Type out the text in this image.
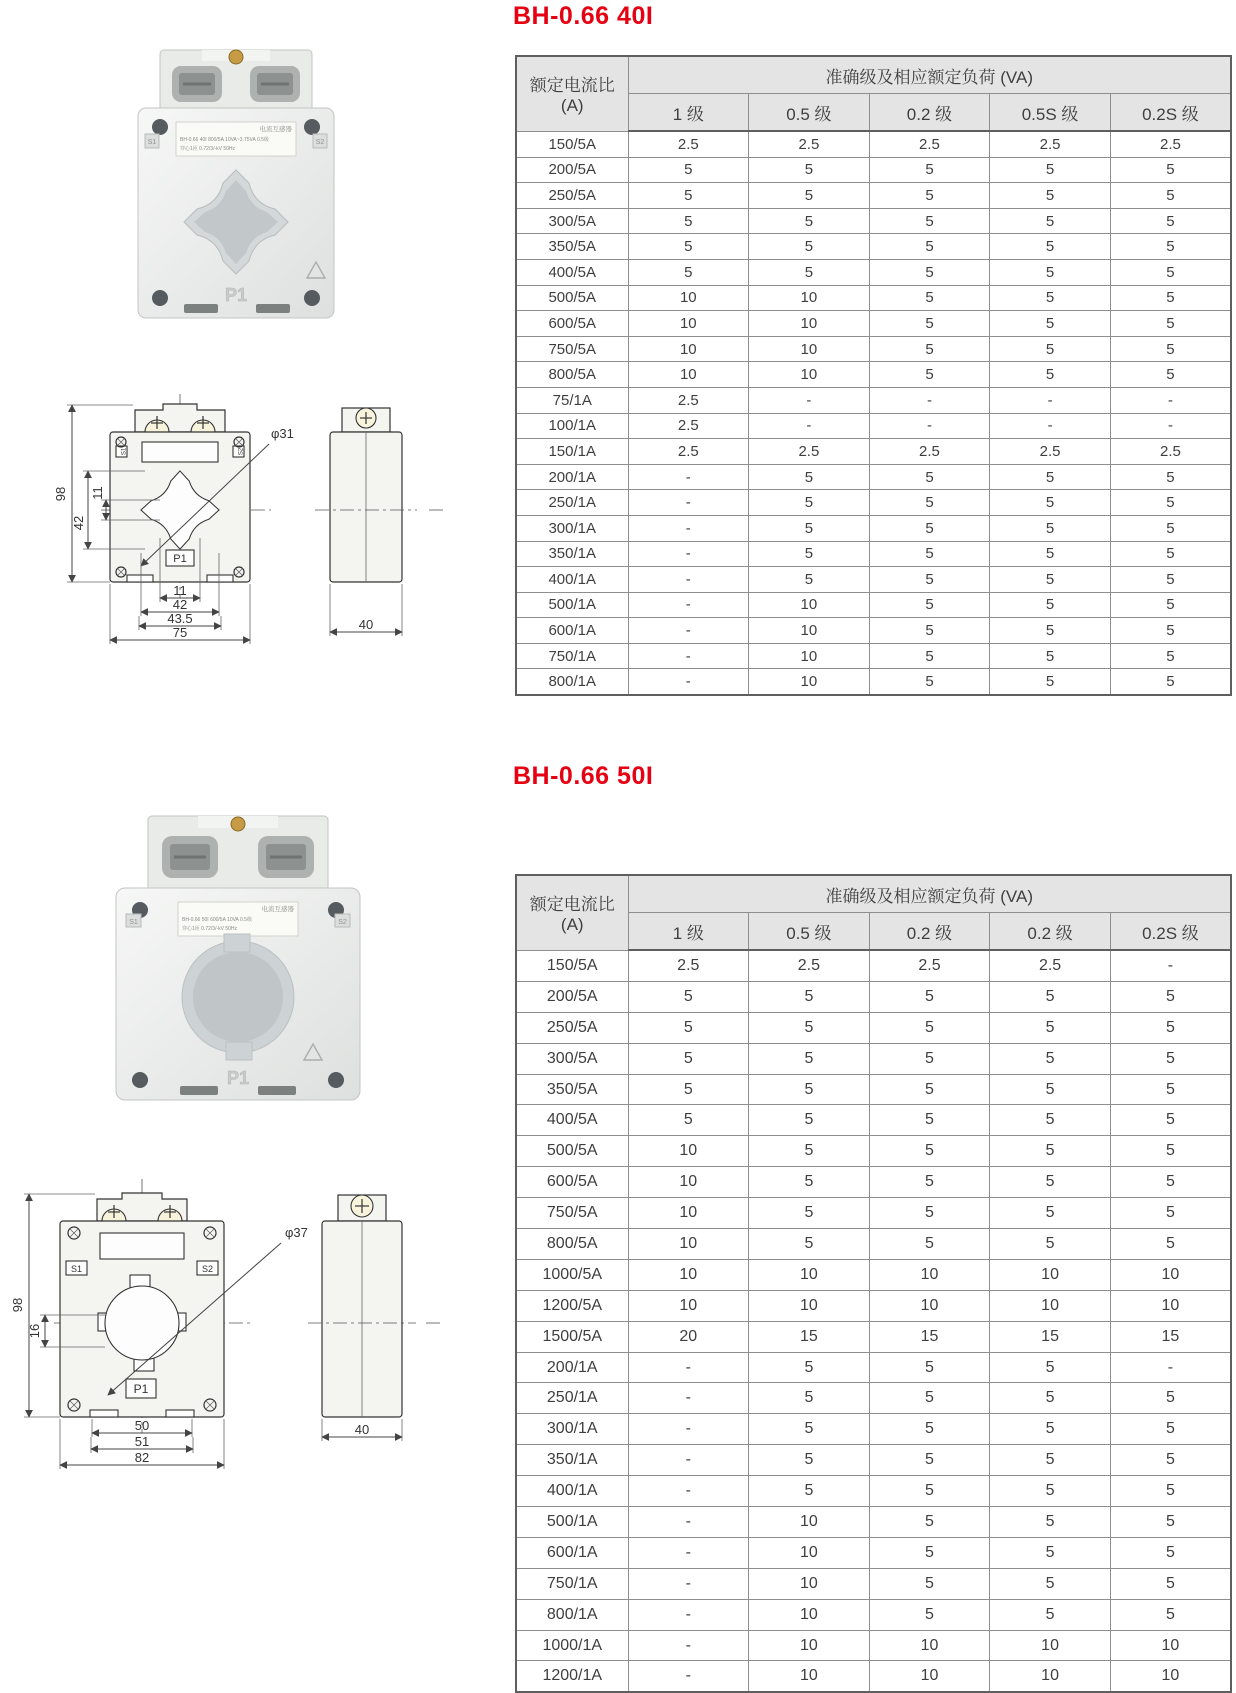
BH-0.66 40I
BH-0.66 50I
额定电流比 (A)	准确级及相应额定负荷 (VA)				
	1 级	0.5 级	0.2 级	0.5S 级	0.2S 级
150/5A	2.5	2.5	2.5	2.5	2.5
200/5A	5	5	5	5	5
250/5A	5	5	5	5	5
300/5A	5	5	5	5	5
350/5A	5	5	5	5	5
400/5A	5	5	5	5	5
500/5A	10	10	5	5	5
600/5A	10	10	5	5	5
750/5A	10	10	5	5	5
800/5A	10	10	5	5	5
75/1A	2.5	-	-	-	-
100/1A	2.5	-	-	-	-
150/1A	2.5	2.5	2.5	2.5	2.5
200/1A	-	5	5	5	5
250/1A	-	5	5	5	5
300/1A	-	5	5	5	5
350/1A	-	5	5	5	5
400/1A	-	5	5	5	5
500/1A	-	10	5	5	5
600/1A	-	10	5	5	5
750/1A	-	10	5	5	5
800/1A	-	10	5	5	5
额定电流比 (A)	准确级及相应额定负荷 (VA)				
	1 级	0.5 级	0.2 级	0.2 级	0.2S 级
150/5A	2.5	2.5	2.5	2.5	-
200/5A	5	5	5	5	5
250/5A	5	5	5	5	5
300/5A	5	5	5	5	5
350/5A	5	5	5	5	5
400/5A	5	5	5	5	5
500/5A	10	5	5	5	5
600/5A	10	5	5	5	5
750/5A	10	5	5	5	5
800/5A	10	5	5	5	5
1000/5A	10	10	10	10	10
1200/5A	10	10	10	10	10
1500/5A	20	15	15	15	15
200/1A	-	5	5	5	-
250/1A	-	5	5	5	5
300/1A	-	5	5	5	5
350/1A	-	5	5	5	5
400/1A	-	5	5	5	5
500/1A	-	10	5	5	5
600/1A	-	10	5	5	5
750/1A	-	10	5	5	5
800/1A	-	10	5	5	5
1000/1A	-	10	10	10	10
1200/1A	-	10	10	10	10
电流互感器
BH-0.66 40I 800/5A 10VA~3.75VA 0.5级
穿心1匝 0.72/3/-kV 50Hz
S1	S2
P1
S1	S2
P1
98
42
11
φ31
11
42
43.5
75
40
电流互感器
BH-0.66 50I 600/5A 10VA 0.5级
穿心1匝 0.72/3/-kV 50Hz
S1	S2
P1
S1	S2
P1
98
16
φ37
50
51
82
40
